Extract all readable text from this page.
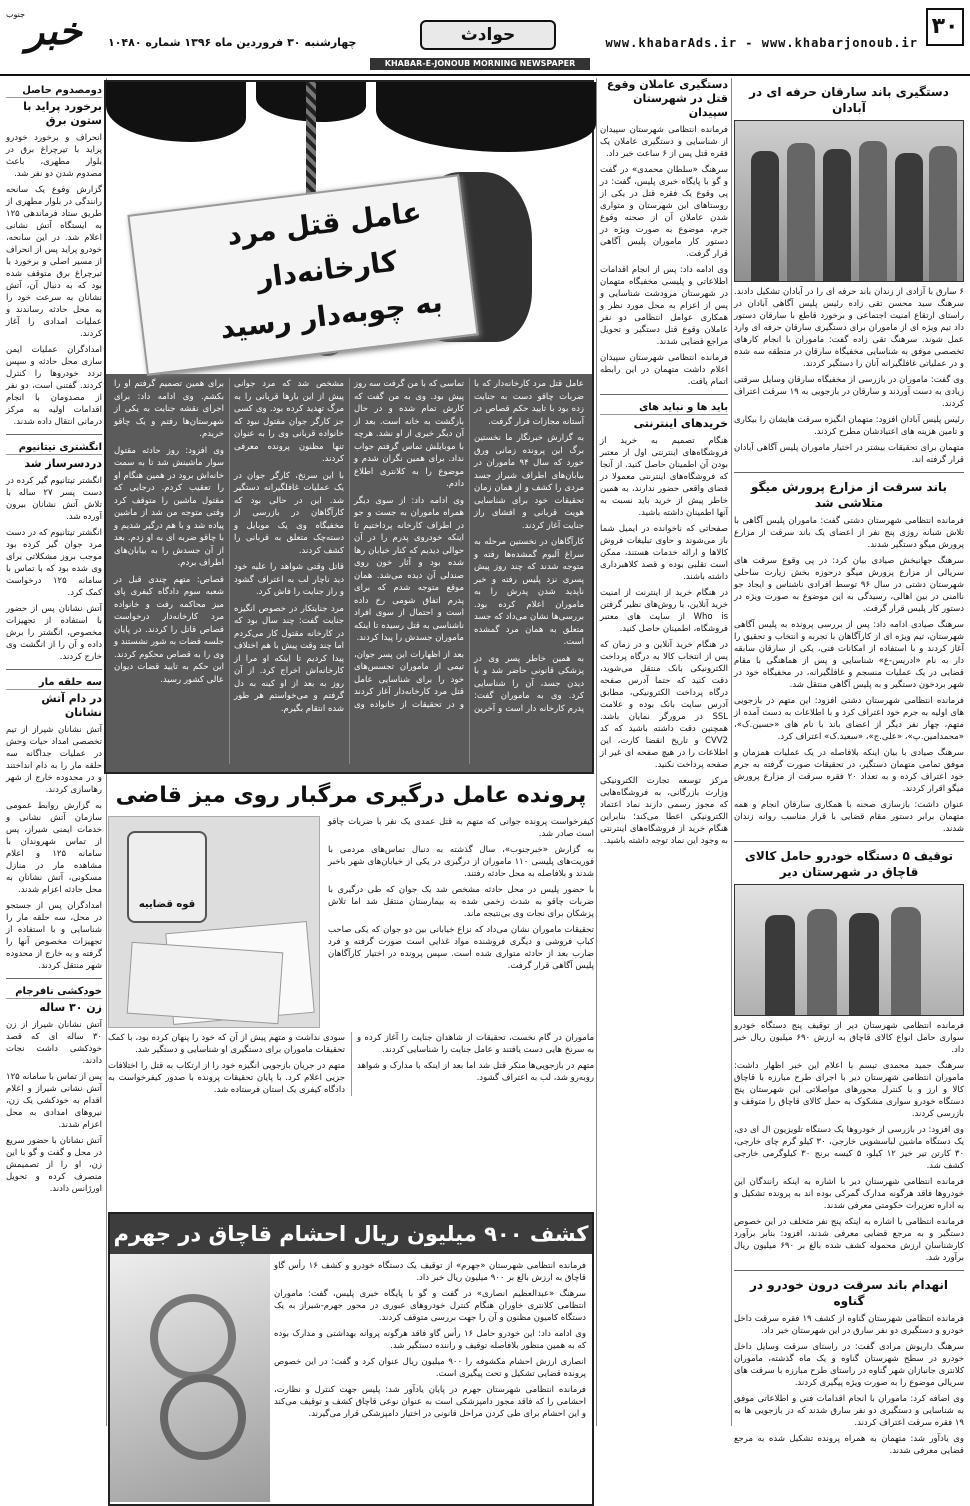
۳۰
www.khabarAds.ir - www.khabarjonoub.ir
حوادث
چهارشنبه ۳۰ فروردین ماه ۱۳۹۶ شماره ۱۰۴۸۰
خبر
جنوب
KHABAR-E-JONOUB MORNING NEWSPAPER
دستگیری باند سارقان حرفه ای در آبادان

۶ سارق با آزادی از زندان باند حرفه ای را در آبادان تشکیل دادند. سرهنگ سید محسن تقی زاده رئیس پلیس آگاهی آبادان در راستای ارتقاع امنیت اجتماعی و برخورد قاطع با سارقان دستور داد تیم ویژه ای از ماموران برای دستگیری سارقان حرفه ای وارد عمل شوند. سرهنگ تقی زاده گفت: ماموران با انجام کارهای تخصصی موفق به شناسایی مخفیگاه سارقان در منطقه سه شده و در عملیاتی غافلگیرانه آنان را دستگیر کردند.

وی گفت: ماموران در بازرسی از مخفیگاه سارقان وسایل سرقتی زیادی به دست آوردند و سارقان در بازجویی به ۱۹ سرقت اعتراف کردند.

رئیس پلیس آبادان افزود: متهمان انگیزه سرقت هایشان را بیکاری و تامین هزینه های اعتیادشان مطرح کردند.

متهمان برای تحقیقات بیشتر در اختیار ماموران پلیس آگاهی آبادان قرار گرفته اند.

باند سرقت از مزارع پرورش میگو متلاشی شد

فرمانده انتظامی شهرستان دشتی گفت: ماموران پلیس آگاهی با تلاش شبانه روزی پنج نفر از اعضای یک باند سرقت از مزارع پرورش میگو دستگیر شدند.

سرهنگ جهانبخش صیادی بیان کرد: در پی وقوع سرقت های سریالی از مزارع پرورش میگو درحوزه بخش زیارت ساحلی شهرستان دشتی در سال ۹۶ توسط افرادی ناشناس و ایجاد جو ناامنی در بین اهالی، رسیدگی به این موضوع به صورت ویژه در دستور کار پلیس قرار گرفت.

سرهنگ صیادی ادامه داد: پس از بررسی پرونده به پلیس آگاهی شهرستان، تیم ویژه ای از کارآگاهان با تجربه و انتخاب و تحقیق را آغاز کردند و با استفاده از امکانات فنی، یکی از سارقان سابقه دار به نام «ادریس-ع» شناسایی و پس از هماهنگی با مقام قضایی در یک عملیات منسجم و غافلگیرانه، در مخفیگاه خود در شهر بردخون دستگیر و به پلیس آگاهی منتقل شد.

فرمانده انتظامی شهرستان دشتی افزود: این متهم در بازجویی های اولیه به جرم خود اعتراف کرد و با اطلاعات به دست آمده از متهم، چهار نفر دیگر از اعضای باند با نام های «حسین.ک»، «محمدامین.پ»، «علی.ج»، «سعید.ک» اعتراف کرد.

سرهنگ صیادی با بیان اینکه بلافاصله در یک عملیات همزمان و موفق تمامی متهمان دستگیر، در تحقیقات صورت گرفته به جرم خود اعتراف کرده و به تعداد ۲۰ فقره سرقت از مزارع پرورش میگو اقرار کردند.

عنوان داشت: بازسازی صحنه با همکاری سارقان انجام و همه متهمان برابر دستور مقام قضایی با قرار مناسب روانه زندان شدند.

توقیف ۵ دستگاه خودرو حامل کالای قاچاق در شهرستان دیر

فرمانده انتظامی شهرستان دیر از توقیف پنج دستگاه خودرو سواری حامل انواع کالای قاچاق به ارزش ۶۹۰ میلیون ریال خبر داد.

سرهنگ حمید محمدی تبسم با اعلام این خبر اظهار داشت: ماموران انتظامی شهرستان دیر با اجرای طرح مبارزه با قاچاق کالا و ارز و با کنترل محورهای مواصلاتی این شهرستان پنج دستگاه خودرو سواری مشکوک به حمل کالای قاچاق را متوقف و بازرسی کردند.

وی افزود: در بازرسی از خودروها یک دستگاه تلویزیون ال ای دی، یک دستگاه ماشین لباسشویی خارجی، ۳۰ کیلو گرم چای خارجی، ۳۰ کارتن تیر خیز ۱۲ کیلو، ۵ کیسه برنج ۳۰ کیلوگرمی خارجی کشف شد.

فرمانده انتظامی شهرستان دیر با اشاره به اینکه رانندگان این خودروها فاقد هرگونه مدارک گمرکی بوده اند به پرونده تشکیل و به اداره تعزیرات حکومتی معرفی شدند.

فرمانده انتظامی با اشاره به اینکه پنج نفر متخلف در این خصوص دستگیر و به مرجع قضایی معرفی شدند، افزود: بنابر برآورد کارشناسان ارزش محموله کشف شده بالغ بر ۶۹۰ میلیون ریال برآورد شد.

انهدام باند سرقت درون خودرو در گناوه

فرمانده انتظامی شهرستان گناوه از کشف ۱۹ فقره سرقت داخل خودرو و دستگیری دو نفر سارق در این شهرستان خبر داد.

سرهنگ داریوش مرادی گفت: در راستای سرقت وسایل داخل خودرو در سطح شهرستان گناوه و یک ماه گذشته، ماموران کلانتری جانبازان شهر گناوه در راستای طرح مبارزه با سرقت های سریالی موضوع را به صورت ویژه پیگیری کردند.

وی اضافه کرد: ماموران با انجام اقدامات فنی و اطلاعاتی موفق به شناسایی و دستگیری دو نفر سارق شدند که در بازجویی ها به ۱۹ فقره سرقت اعتراف کردند.

وی یادآور شد: متهمان به همراه پرونده تشکیل شده به مرجع قضایی معرفی شدند.

دستگیری عاملان وقوع قتل در شهرستان سپیدان

فرمانده انتظامی شهرستان سپیدان از شناسایی و دستگیری عاملان یک فقره قتل پس از ۶ ساعت خبر داد.

سرهنگ «سلطان محمدی» در گفت و گو با پایگاه خبری پلیس، گفت: در پی وقوع یک فقره قتل در یکی از روستاهای این شهرستان و متواری شدن عاملان آن از صحنه وقوع جرم، موضوع به صورت ویژه در دستور کار ماموران پلیس آگاهی قرار گرفت.

وی ادامه داد: پس از انجام اقدامات اطلاعاتی و پلیسی مخفیگاه متهمان در شهرستان مرودشت شناسایی و پس از اعزام به محل مورد نظر و همکاری عوامل انتظامی دو نفر عاملان وقوع قتل دستگیر و تحویل مراجع قضایی شدند.

فرمانده انتظامی شهرستان سپیدان اعلام داشت متهمان در این رابطه اتمام یافت.

باید ها و نباید های
خریدهای اینترنتی

هنگام تصمیم به خرید از فروشگاه‌های اینترنتی اول از معتبر بودن آن اطمینان حاصل کنید. از آنجا که فروشگاه‌های اینترنتی معمولا در فضای واقعی حضور ندارند، به همین خاطر پیش از خرید باید نسبت به آنها اطمینان داشته باشید.

صفحاتی که ناخوانده در ایمیل شما باز می‌شوند و حاوی تبلیغات فروش کالاها و ارائه خدمات هستند، ممکن است تقلبی بوده و قصد کلاهبرداری داشته باشند.

در هنگام خرید از اینترنت از امنیت خرید آنلاین، با روش‌های نظیر گرفتن Who is از سایت های معتبر فروشگاه، اطمینان حاصل کنید.

در هنگام خرید آنلاین و در زمان که پس از انتخاب کالا به درگاه پرداخت الکترونیکی بانک منتقل می‌شوید، دقت کنید که حتما آدرس صفحه درگاه پرداخت الکترونیکی، مطابق آدرس سایت بانک بوده و علامت SSL در مرورگر نمایان باشد. همچنین دقت داشته باشید که کد CVV2 و تاریخ انقضا کارت، این اطلاعات را در هیچ صفحه ای غیر از صفحه پرداخت نکنید.

مرکز توسعه تجارت الکترونیکی وزارت بازرگانی، به فروشگاه‌هایی که مجوز رسمی دارند نماد اعتماد الکترونیکی اعطا می‌کند؛ بنابراین هنگام خرید از فروشگاه‌های اینترنتی به وجود این نماد توجه داشته باشید.

عامل قتل مرد
کارخانه‌دار
به چوبه‌دار رسید

عامل قتل مرد کارخانه‌دار که با ضربات چاقو دست به جنایت زده بود با تایید حکم قصاص در آستانه مجازات قرار گرفت.

به گزارش خبرنگار ما نخستین برگ این پرونده زمانی ورق خورد که سال ۹۴ ماموران در بیابان‌های اطراف شیراز جسد مردی را کشف و از همان زمان تحقیقات خود برای شناسایی هویت قربانی و افشای راز جنایت آغاز کردند.

کارآگاهان در نخستین مرحله به سراغ آلبوم گمشده‌ها رفته و متوجه شدند که چند روز پیش پسری نزد پلیس رفته و خبر ناپدید شدن پدرش را به ماموران اعلام کرده بود. بررسی‌ها نشان می‌داد که جسد متعلق به همان مرد گمشده است.

به همین خاطر پسر وی در پزشکی قانونی حاضر شد و با دیدن جسد، آن را شناسایی کرد. وی به ماموران گفت: پدرم کارخانه دار است و آخرین تماسی که با من گرفت سه روز پیش بود. وی به من گفت که کارش تمام شده و در حال بازگشت به خانه است. بعد از آن دیگر خبری از او نشد. هرچه با موبایلش تماس گرفتم جواب نداد. برای همین نگران شدم و موضوع را به کلانتری اطلاع دادم.

وی ادامه داد: از سوی دیگر همراه ماموران به جست و جو در اطراف کارخانه پرداختیم تا اینکه خودروی پدرم را در آن حوالی دیدیم که کنار خیابان رها شده بود و آثار خون روی صندلی آن دیده می‌شد. همان موقع متوجه شدم که برای پدرم اتفاق شومی رخ داده است و احتمال از سوی افراد ناشناسی به قتل رسیده تا اینکه ماموران جسدش را پیدا کردند.

بعد از اظهارات این پسر جوان، تیمی از ماموران تجسس‌های خود را برای شناسایی عامل قتل مرد کارخانه‌دار آغاز کردند و در تحقیقات از خانواده وی مشخص شد که مرد جوانی پیش از این بارها قربانی را به مرگ تهدید کرده بود. وی کسی جز کارگر جوان مقتول نبود که خانواده قربانی وی را به عنوان تنها مظنون پرونده معرفی کردند.

با این سرنخ، کارگر جوان در یک عملیات غافلگیرانه دستگیر شد. این در حالی بود که کارآگاهان در بازرسی از مخفیگاه وی یک موبایل و دسته‌چک متعلق به قربانی را کشف کردند.

قاتل وقتی شواهد را علیه خود دید ناچار لب به اعتراف گشود و راز جنایت را فاش کرد.

مرد جنایتکار در خصوص انگیزه جنایت گفت: چند سال بود که در کارخانه مقتول کار می‌کردم اما چند وقت پیش با هم اختلاف پیدا کردیم تا اینکه او مرا از کارخانه‌اش اخراج کرد. از آن روز به بعد از او کینه به دل گرفتم و می‌خواستم هر طور شده انتقام بگیرم.

برای همین تصمیم گرفتم او را بکشم. وی ادامه داد: برای اجرای نقشه جنایت به یکی از شهرستان‌ها رفتم و یک چاقو خریدم.

وی افزود: روز حادثه مقتول سوار ماشینش شد تا به سمت خانه‌اش برود در همین هنگام او را تعقیب کردم. درجایی که مقتول ماشین را متوقف کرد وقتی متوجه من شد از ماشین پیاده شد و با هم درگیر شدیم و با چاقو ضربه ای به او زدم. بعد از آن جسدش را به بیابان‌های اطراف بردم.

قصاص: متهم چندی قبل در شعبه سوم دادگاه کیفری پای میز محاکمه رفت و خانواده مرد کارخانه‌دار درخواست قصاص قاتل را کردند. در پایان جلسه قضات به شور نشستند و وی را به قصاص محکوم کردند. این حکم به تایید قضات دیوان عالی کشور رسید.

پرونده عامل درگیری مرگبار روی میز قاضی
قوه قضاییه

کیفرخواست پرونده جوانی که متهم به قتل عمدی یک نفر با ضربات چاقو است صادر شد.

به گزارش «خبرجنوب»، سال گذشته به دنبال تماس‌های مردمی با فوریت‌های پلیسی ۱۱۰ ماموران از درگیری در یکی از خیابان‌های شهر باخبر شدند و بلافاصله به محل حادثه رفتند.

با حضور پلیس در محل حادثه مشخص شد یک جوان که طی درگیری با ضربات چاقو به شدت زخمی شده به بیمارستان منتقل شد اما تلاش پزشکان برای نجات وی بی‌نتیجه ماند.

تحقیقات ماموران نشان می‌داد که نزاع خیابانی بین دو جوان که یکی صاحب کباب فروشی و دیگری فروشنده مواد غذایی است صورت گرفته و فرد ضارب بعد از حادثه متواری شده است. سپس پرونده در اختیار کارآگاهان پلیس آگاهی قرار گرفت.

ماموران در گام نخست، تحقیقات از شاهدان جنایت را آغاز کرده و به سرنخ هایی دست یافتند و عامل جنایت را شناسایی کردند.

متهم در بازجویی‌ها منکر قتل شد اما بعد از اینکه با مدارک و شواهد روبه‌رو شد، لب به اعتراف گشود.

سودی نداشت و متهم پیش از آن که خود را پنهان کرده بود، با کمک تحقیقات ماموران برای دستگیری او شناسایی و دستگیر شد.

متهم در جریان بازجویی انگیزه خود را از ارتکاب به قتل را اختلافات جزیی اعلام کرد. با پایان تحقیقات پرونده با صدور کیفرخواست به دادگاه کیفری یک استان فرستاده شد.

کشف ۹۰۰ میلیون ریال احشام قاچاق در جهرم

فرمانده انتظامی شهرستان «جهرم» از توقیف یک دستگاه خودرو و کشف ۱۶ رأس گاو قاچاق به ارزش بالغ بر ۹۰۰ میلیون ریال خبر داد.

سرهنگ «عبدالعظیم انصاری» در گفت و گو با پایگاه خبری پلیس، گفت: ماموران انتظامی کلانتری خاوران هنگام کنترل خودروهای عبوری در محور جهرم-شیراز به یک دستگاه کامیون مظنون و آن را جهت بررسی متوقف کردند.

وی ادامه داد: این خودرو حامل ۱۶ رأس گاو فاقد هرگونه پروانه بهداشتی و مدارک بوده که به همین منظور بلافاصله توقیف و راننده دستگیر شد.

انصاری ارزش احشام مکشوفه را ۹۰۰ میلیون ریال عنوان کرد و گفت: در این خصوص پرونده قضایی تشکیل و تحت پیگیری است.

فرمانده انتظامی شهرستان جهرم در پایان یادآور شد: پلیس جهت کنترل و نظارت، احشامی را که فاقد مجوز دامپزشکی است به عنوان نوعی قاچاق کشف و توقیف می‌کند و این احشام برای طی کردن مراحل قانونی در اختیار دامپزشکی قرار می‌گیرند.

دومصدوم حاصل
برخورد پراید با ستون برق

انحراف و برخورد خودرو پراید با تیرچراغ برق در بلوار مطهری، باعث مصدوم شدن دو نفر شد.

گزارش وقوع یک سانحه رانندگی در بلوار مطهری از طریق ستاد فرماندهی ۱۲۵ به ایستگاه آتش نشانی اعلام شد. در این سانحه، خودرو پراید پس از انحراف از مسیر اصلی و برخورد با تیرچراغ برق متوقف شده بود که به دنبال آن، آتش نشانان به سرعت خود را به محل حادثه رساندند و عملیات امدادی را آغاز کردند.

امدادگران عملیات ایمن سازی محل حادثه و سپس تردد خودروها را کنترل کردند. گفتنی است، دو نفر از مصدومان با انجام اقدامات اولیه به مرکز درمانی انتقال داده شدند.

انگشتری تیتانیوم
دردسرساز شد

انگشتر تیتانیوم گیر کرده در دست پسر ۲۷ ساله با تلاش آتش نشانان بیرون آورده شد.

انگشتر تیتانیوم که در دست مرد جوان گیر کرده بود موجب بروز مشکلاتی برای وی شده بود که با تماس با سامانه ۱۲۵ درخواست کمک کرد.

آتش نشانان پس از حضور با استفاده از تجهیزات مخصوص، انگشتر را برش داده و آن را از انگشت وی خارج کردند.

سه حلقه مار
در دام آتش نشانان

آتش نشانان شیراز از تیم تخصصی امداد حیات وحش در عملیات جداگانه سه حلقه مار را به دام انداختند و در محدوده خارج از شهر رهاسازی کردند.

به گزارش روابط عمومی سازمان آتش نشانی و خدمات ایمنی شیراز، پس از تماس شهروندان با سامانه ۱۲۵ و اعلام مشاهده مار در منازل مسکونی، آتش نشانان به محل حادثه اعزام شدند.

امدادگران پس از جستجو در محل، سه حلقه مار را شناسایی و با استفاده از تجهیزات مخصوص آنها را گرفته و به خارج از محدوده شهر منتقل کردند.

خودکشی نافرجام
زن ۳۰ ساله

آتش نشانان شیراز از زن ۳۰ ساله ای که قصد خودکشی داشت نجات دادند.

پس از تماس با سامانه ۱۲۵ آتش نشانی شیراز و اعلام اقدام به خودکشی یک زن، نیروهای امدادی به محل اعزام شدند.

آتش نشانان با حضور سریع در محل و گفت و گو با این زن، او را از تصمیمش منصرف کرده و تحویل اورژانس دادند.
